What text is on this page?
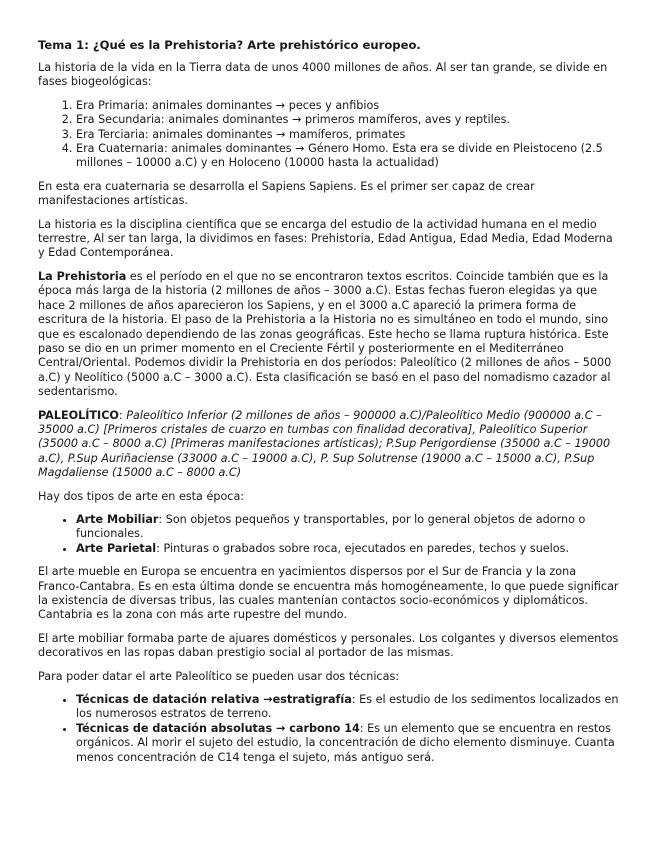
Tema 1: ¿Qué es la Prehistoria? Arte prehistórico europeo.

La historia de la vida en la Tierra data de unos 4000 millones de años. Al ser tan grande, se divide en fases biogeológicas:

1. Era Primaria: animales dominantes → peces y anfibios
2. Era Secundaria: animales dominantes → primeros mamíferos, aves y reptiles.
3. Era Terciaria: animales dominantes → mamíferos, primates
4. Era Cuaternaria: animales dominantes → Género Homo. Esta era se divide en Pleistoceno (2.5 millones – 10000 a.C) y en Holoceno (10000 hasta la actualidad)

En esta era cuaternaria se desarrolla el Sapiens Sapiens. Es el primer ser capaz de crear manifestaciones artísticas.

La historia es la disciplina científica que se encarga del estudio de la actividad humana en el medio terrestre, Al ser tan larga, la dividimos en fases: Prehistoria, Edad Antigua, Edad Media, Edad Moderna y Edad Contemporánea.

La Prehistoria es el período en el que no se encontraron textos escritos. Coincide también que es la época más larga de la historia (2 millones de años – 3000 a.C). Estas fechas fueron elegidas ya que hace 2 millones de años aparecieron los Sapiens, y en el 3000 a.C apareció la primera forma de escritura de la historia. El paso de la Prehistoria a la Historia no es simultáneo en todo el mundo, sino que es escalonado dependiendo de las zonas geográficas. Este hecho se llama ruptura histórica. Este paso se dio en un primer momento en el Creciente Fértil y posteriormente en el Mediterráneo Central/Oriental. Podemos dividir la Prehistoria en dos períodos: Paleolítico (2 millones de años – 5000 a.C) y Neolítico (5000 a.C – 3000 a.C). Esta clasificación se basó en el paso del nomadismo cazador al sedentarismo.

PALEOLÍTICO: Paleolítico Inferior (2 millones de años – 900000 a.C)/Paleolítico Medio (900000 a.C – 35000 a.C) [Primeros cristales de cuarzo en tumbas con finalidad decorativa], Paleolítico Superior (35000 a.C – 8000 a.C) [Primeras manifestaciones artísticas); P.Sup Perigordiense (35000 a.C – 19000 a.C), P.Sup Auriñaciense (33000 a.C – 19000 a.C), P. Sup Solutrense (19000 a.C – 15000 a.C), P.Sup Magdaliense (15000 a.C – 8000 a.C)

Hay dos tipos de arte en esta época:

• Arte Mobiliar: Son objetos pequeños y transportables, por lo general objetos de adorno o funcionales.
• Arte Parietal: Pinturas o grabados sobre roca, ejecutados en paredes, techos y suelos.

El arte mueble en Europa se encuentra en yacimientos dispersos por el Sur de Francia y la zona Franco-Cantabra. Es en esta última donde se encuentra más homogéneamente, lo que puede significar la existencia de diversas tribus, las cuales mantenían contactos socio-económicos y diplomáticos. Cantabria es la zona con más arte rupestre del mundo.

El arte mobiliar formaba parte de ajuares domésticos y personales. Los colgantes y diversos elementos decorativos en las ropas daban prestigio social al portador de las mismas.

Para poder datar el arte Paleolítico se pueden usar dos técnicas:

• Técnicas de datación relativa →estratigrafía: Es el estudio de los sedimentos localizados en los numerosos estratos de terreno.
• Técnicas de datación absolutas → carbono 14: Es un elemento que se encuentra en restos orgánicos. Al morir el sujeto del estudio, la concentración de dicho elemento disminuye. Cuanta menos concentración de C14 tenga el sujeto, más antiguo será.
